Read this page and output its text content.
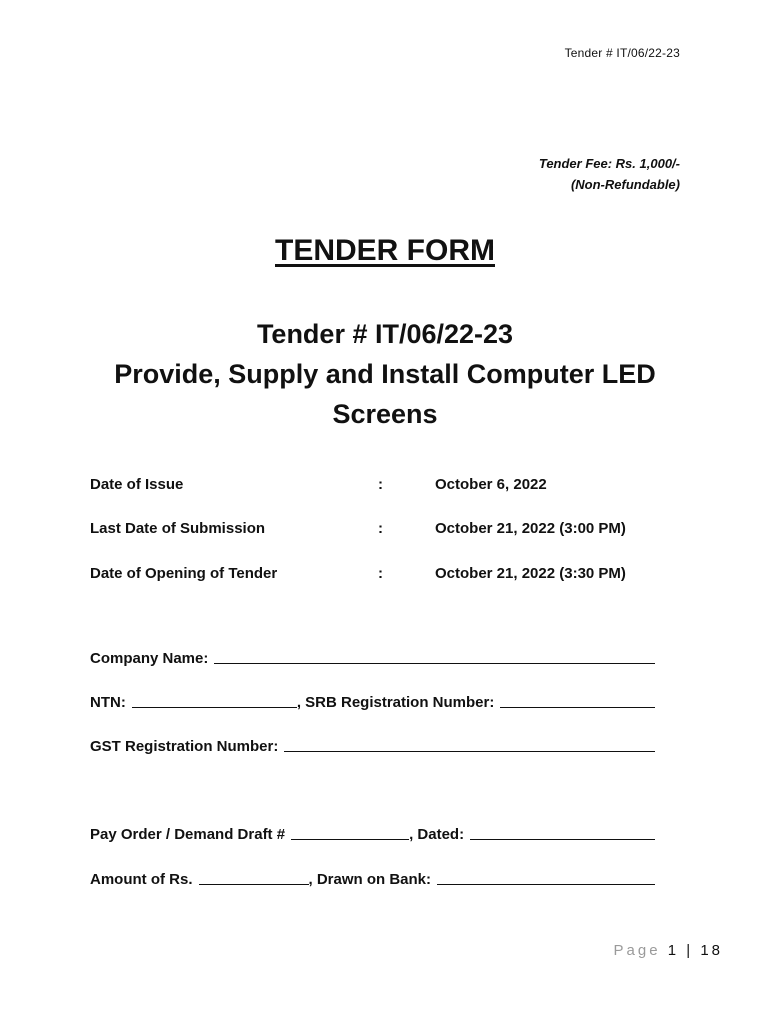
Tender # IT/06/22-23
Tender Fee: Rs. 1,000/-
(Non-Refundable)
TENDER FORM
Tender # IT/06/22-23
Provide, Supply and Install Computer LED Screens
Date of Issue	:	October 6, 2022
Last Date of Submission	:	October 21, 2022 (3:00 PM)
Date of Opening of Tender	:	October 21, 2022 (3:30 PM)
Company Name:
NTN:	, SRB Registration Number:
GST Registration Number:
Pay Order / Demand Draft #	, Dated:
Amount of Rs.	, Drawn on Bank:
Page 1 | 18
